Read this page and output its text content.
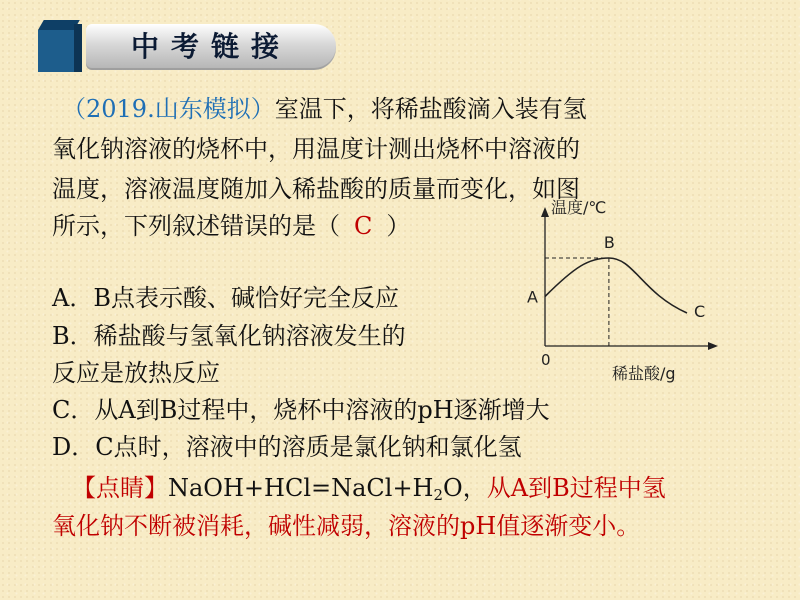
中考链接
（2019.山东模拟）室温下，将稀盐酸滴入装有氢
氧化钠溶液的烧杯中，用温度计测出烧杯中溶液的
温度，溶液温度随加入稀盐酸的质量而变化，如图
所示，下列叙述错误的是（ C ）
A．B点表示酸、碱恰好完全反应
B．稀盐酸与氢氧化钠溶液发生的
反应是放热反应
C．从A到B过程中，烧杯中溶液的pH逐渐增大
D．C点时，溶液中的溶质是氯化钠和氯化氢
【点睛】$NaOH+HCl=NaCl+H_2O$，从A到B过程中氢
氧化钠不断被消耗，碱性减弱，溶液的pH值逐渐变小。
温度/℃
稀盐酸/g
0
A
B
C
